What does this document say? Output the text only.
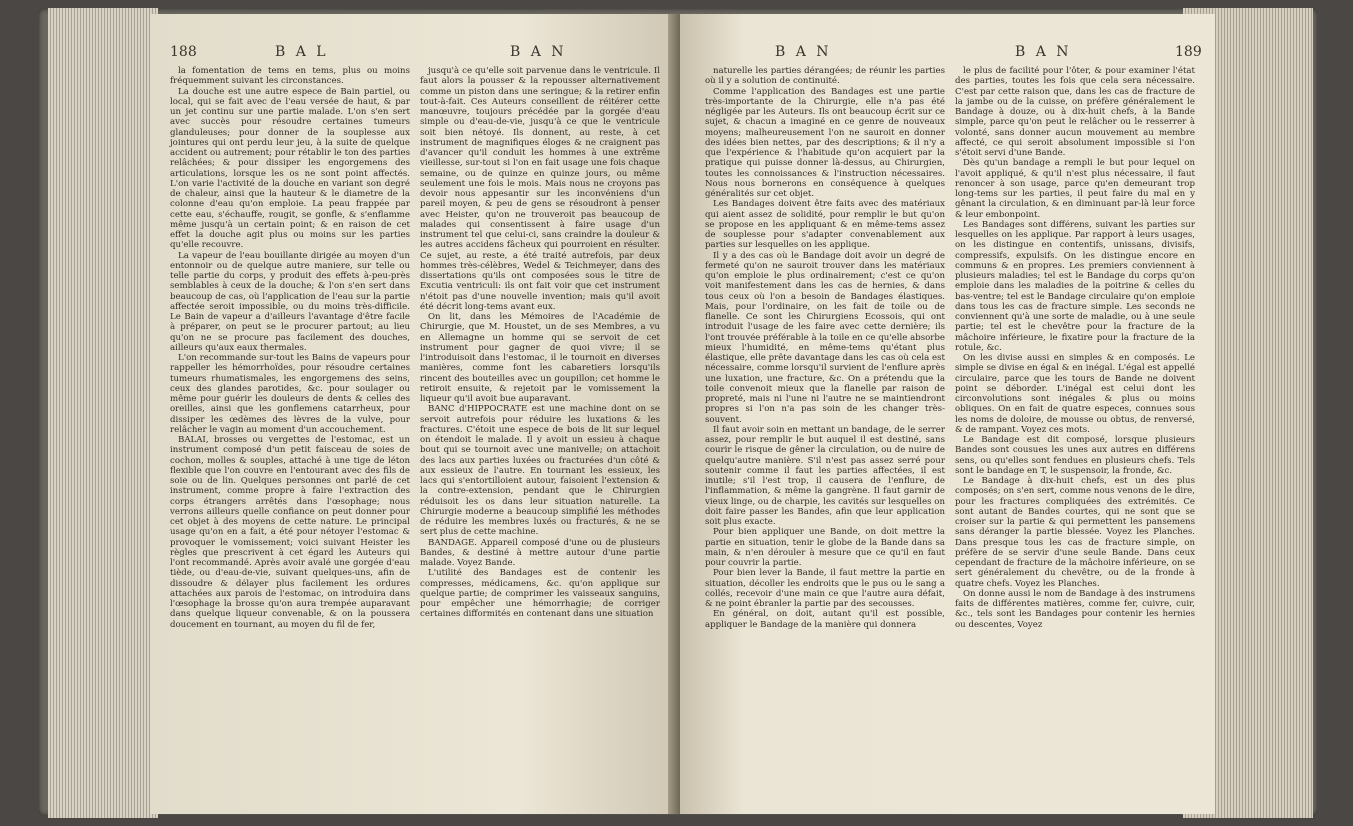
188	B A L	B A N

la fomentation de tems en tems, plus ou moins fréquemment suivant les circonstances.

La douche est une autre espece de Bain partiel, ou local, qui se fait avec de l'eau versée de haut, & par un jet continu sur une partie malade. L'on s'en sert avec succès pour résoudre certaines tumeurs glanduleuses; pour donner de la souplesse aux jointures qui ont perdu leur jeu, à la suite de quelque accident ou autrement; pour rétablir le ton des parties relâchées; & pour dissiper les engorgemens des articulations, lorsque les os ne sont point affectés. L'on varie l'activité de la douche en variant son degré de chaleur, ainsi que la hauteur & le diametre de la colonne d'eau qu'on emploie. La peau frappée par cette eau, s'échauffe, rougit, se gonfle, & s'enflamme même jusqu'à un certain point; & en raison de cet effet la douche agit plus ou moins sur les parties qu'elle recouvre.

La vapeur de l'eau bouillante dirigée au moyen d'un entonnoir ou de quelque autre maniere, sur telle ou telle partie du corps, y produit des effets à-peu-près semblables à ceux de la douche; & l'on s'en sert dans beaucoup de cas, où l'application de l'eau sur la partie affectée seroit impossible, ou du moins très-difficile. Le Bain de vapeur a d'ailleurs l'avantage d'être facile à préparer, on peut se le procurer partout; au lieu qu'on ne se procure pas facilement des douches, ailleurs qu'aux eaux thermales.

L'on recommande sur-tout les Bains de vapeurs pour rappeller les hémorrhoïdes, pour résoudre certaines tumeurs rhumatismales, les engorgemens des seins, ceux des glandes parotides, &c. pour soulager ou même pour guérir les douleurs de dents & celles des oreilles, ainsi que les gonflemens catarrheux, pour dissiper les œdèmes des lèvres de la vulve, pour relâcher le vagin au moment d'un accouchement.

BALAI, brosses ou vergettes de l'estomac, est un instrument composé d'un petit faisceau de soies de cochon, molles & souples, attaché à une tige de léton flexible que l'on couvre en l'entourant avec des fils de soie ou de lin. Quelques personnes ont parlé de cet instrument, comme propre à faire l'extraction des corps étrangers arrêtés dans l'œsophage; nous verrons ailleurs quelle confiance on peut donner pour cet objet à des moyens de cette nature. Le principal usage qu'on en a fait, a été pour nétoyer l'estomac & provoquer le vomissement; voici suivant Heister les règles que prescrivent à cet égard les Auteurs qui l'ont recommandé. Après avoir avalé une gorgée d'eau tiède, ou d'eau-de-vie, suivant quelques-uns, afin de dissoudre & délayer plus facilement les ordures attachées aux parois de l'estomac, on introduira dans l'œsophage la brosse qu'on aura trempée auparavant dans quelque liqueur convenable, & on la poussera doucement en tournant, au moyen du fil de fer,

jusqu'à ce qu'elle soit parvenue dans le ventricule. Il faut alors la pousser & la repousser alternativement comme un piston dans une seringue; & la retirer enfin tout-à-fait. Ces Auteurs conseillent de réitérer cette manœuvre, toujours précédée par la gorgée d'eau simple ou d'eau-de-vie, jusqu'à ce que le ventricule soit bien nétoyé. Ils donnent, au reste, à cet instrument de magnifiques éloges & ne craignent pas d'avancer qu'il conduit les hommes à une extrême vieillesse, sur-tout si l'on en fait usage une fois chaque semaine, ou de quinze en quinze jours, ou même seulement une fois le mois. Mais nous ne croyons pas devoir nous appesantir sur les inconvéniens d'un pareil moyen, & peu de gens se résoudront à penser avec Heister, qu'on ne trouveroit pas beaucoup de malades qui consentissent à faire usage d'un instrument tel que celui-ci, sans craindre la douleur & les autres accidens fâcheux qui pourroient en résulter. Ce sujet, au reste, a été traité autrefois, par deux hommes très-célèbres, Wedel & Teichmeyer, dans des dissertations qu'ils ont composées sous le titre de Excutia ventriculi: ils ont fait voir que cet instrument n'étoit pas d'une nouvelle invention; mais qu'il avoit été décrit long-tems avant eux.

On lit, dans les Mémoires de l'Académie de Chirurgie, que M. Houstet, un de ses Membres, a vu en Allemagne un homme qui se servoit de cet instrument pour gagner de quoi vivre; il se l'introduisoit dans l'estomac, il le tournoit en diverses manières, comme font les cabaretiers lorsqu'ils rincent des bouteilles avec un goupillon; cet homme le retiroit ensuite, & rejetoit par le vomissement la liqueur qu'il avoit bue auparavant.

BANC d'HIPPOCRATE est une machine dont on se servoit autrefois pour réduire les luxations & les fractures. C'étoit une espece de bois de lit sur lequel on étendoit le malade. Il y avoit un essieu à chaque bout qui se tournoit avec une manivelle; on attachoit des lacs aux parties luxées ou fracturées d'un côté & aux essieux de l'autre. En tournant les essieux, les lacs qui s'entortilloient autour, faisoient l'extension & la contre-extension, pendant que le Chirurgien réduisoit les os dans leur situation naturelle. La Chirurgie moderne a beaucoup simplifié les méthodes de réduire les membres luxés ou fracturés, & ne se sert plus de cette machine.

BANDAGE. Appareil composé d'une ou de plusieurs Bandes, & destiné à mettre autour d'une partie malade. Voyez Bande.

L'utilité des Bandages est de contenir les compresses, médicamens, &c. qu'on applique sur quelque partie; de comprimer les vaisseaux sanguins, pour empêcher une hémorrhagie; de corriger certaines difformités en contenant dans une situation

B A N	B A N	189

naturelle les parties dérangées; de réunir les parties où il y a solution de continuité.

Comme l'application des Bandages est une partie très-importante de la Chirurgie, elle n'a pas été négligée par les Auteurs. Ils ont beaucoup écrit sur ce sujet, & chacun a imaginé en ce genre de nouveaux moyens; malheureusement l'on ne sauroit en donner des idées bien nettes, par des descriptions; & il n'y a que l'expérience & l'habitude qu'on acquiert par la pratique qui puisse donner là-dessus, au Chirurgien, toutes les connoissances & l'instruction nécessaires. Nous nous bornerons en conséquence à quelques généralités sur cet objet.

Les Bandages doivent être faits avec des matériaux qui aient assez de solidité, pour remplir le but qu'on se propose en les appliquant & en même-tems assez de souplesse pour s'adapter convenablement aux parties sur lesquelles on les applique.

Il y a des cas où le Bandage doit avoir un degré de fermeté qu'on ne sauroit trouver dans les matériaux qu'on emploie le plus ordinairement; c'est ce qu'on voit manifestement dans les cas de hernies, & dans tous ceux où l'on a besoin de Bandages élastiques. Mais, pour l'ordinaire, on les fait de toile ou de flanelle. Ce sont les Chirurgiens Ecossois, qui ont introduit l'usage de les faire avec cette dernière; ils l'ont trouvée préférable à la toile en ce qu'elle absorbe mieux l'humidité, en même-tems qu'étant plus élastique, elle prête davantage dans les cas où cela est nécessaire, comme lorsqu'il survient de l'enflure après une luxation, une fracture, &c. On a prétendu que la toile convenoit mieux que la flanelle par raison de propreté, mais ni l'une ni l'autre ne se maintiendront propres si l'on n'a pas soin de les changer très-souvent.

Il faut avoir soin en mettant un bandage, de le serrer assez, pour remplir le but auquel il est destiné, sans courir le risque de gêner la circulation, ou de nuire de quelqu'autre manière. S'il n'est pas assez serré pour soutenir comme il faut les parties affectées, il est inutile; s'il l'est trop, il causera de l'enflure, de l'inflammation, & même la gangrène. Il faut garnir de vieux linge, ou de charpie, les cavités sur lesquelles on doit faire passer les Bandes, afin que leur application soit plus exacte.

Pour bien appliquer une Bande, on doit mettre la partie en situation, tenir le globe de la Bande dans sa main, & n'en dérouler à mesure que ce qu'il en faut pour couvrir la partie.

Pour bien lever la Bande, il faut mettre la partie en situation, décoller les endroits que le pus ou le sang a collés, recevoir d'une main ce que l'autre aura défait, & ne point ébranler la partie par des secousses.

En général, on doit, autant qu'il est possible, appliquer le Bandage de la manière qui donnera

le plus de facilité pour l'ôter, & pour examiner l'état des parties, toutes les fois que cela sera nécessaire. C'est par cette raison que, dans les cas de fracture de la jambe ou de la cuisse, on préfère généralement le Bandage à douze, ou à dix-huit chefs, à la Bande simple, parce qu'on peut le relâcher ou le resserrer à volonté, sans donner aucun mouvement au membre affecté, ce qui seroit absolument impossible si l'on s'étoit servi d'une Bande.

Dès qu'un bandage a rempli le but pour lequel on l'avoit appliqué, & qu'il n'est plus nécessaire, il faut renoncer à son usage, parce qu'en demeurant trop long-tems sur les parties, il peut faire du mal en y gênant la circulation, & en diminuant par-là leur force & leur embonpoint.

Les Bandages sont différens, suivant les parties sur lesquelles on les applique. Par rapport à leurs usages, on les distingue en contentifs, unissans, divisifs, compressifs, expulsifs. On les distingue encore en communs & en propres. Les premiers conviennent à plusieurs maladies; tel est le Bandage du corps qu'on emploie dans les maladies de la poitrine & celles du bas-ventre; tel est le Bandage circulaire qu'on emploie dans tous les cas de fracture simple. Les seconds ne conviennent qu'à une sorte de maladie, ou à une seule partie; tel est le chevêtre pour la fracture de la mâchoire inférieure, le fixatire pour la fracture de la rotule, &c.

On les divise aussi en simples & en composés. Le simple se divise en égal & en inégal. L'égal est appellé circulaire, parce que les tours de Bande ne doivent point se déborder. L'inégal est celui dont les circonvolutions sont inégales & plus ou moins obliques. On en fait de quatre especes, connues sous les noms de doloire, de mousse ou obtus, de renversé, & de rampant. Voyez ces mots.

Le Bandage est dit composé, lorsque plusieurs Bandes sont cousues les unes aux autres en différens sens, ou qu'elles sont fendues en plusieurs chefs. Tels sont le bandage en T, le suspensoir, la fronde, &c.

Le Bandage à dix-huit chefs, est un des plus composés; on s'en sert, comme nous venons de le dire, pour les fractures compliquées des extrémités. Ce sont autant de Bandes courtes, qui ne sont que se croiser sur la partie & qui permettent les pansemens sans déranger la partie blessée. Voyez les Planches. Dans presque tous les cas de fracture simple, on préfère de se servir d'une seule Bande. Dans ceux cependant de fracture de la mâchoire inférieure, on se sert généralement du chevêtre, ou de la fronde à quatre chefs. Voyez les Planches.

On donne aussi le nom de Bandage à des instrumens faits de différentes matières, comme fer, cuivre, cuir, &c., tels sont les Bandages pour contenir les hernies ou descentes, Voyez
